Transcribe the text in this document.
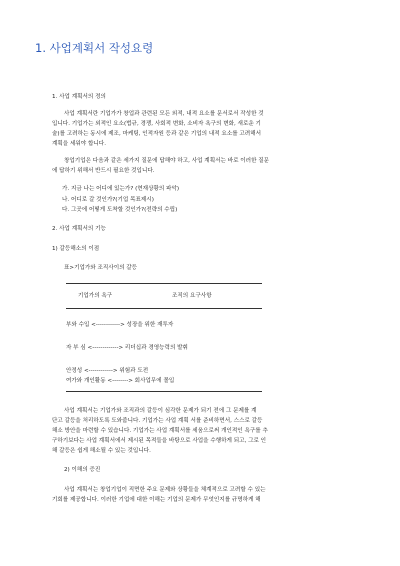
1. 사업계획서 작성요령
1. 사업 계획서의 정의
사업 계획서란 기업가가 창업과 관련된 모든 외적, 내적 요소를 문서로서 작성한 것
입니다. 기업가는 외적인 요소(법규, 경쟁, 사회적 변화, 소비자 욕구의 변화, 새로운 기
술)를 고려하는 동시에 제조, 마케팅, 인적자원 등과 같은 기업의 내적 요소를 고려해서
계획을 세워야 합니다.
창업기업은 다음과 같은 세가지 질문에 답해야 하고, 사업 계획서는 바로 이러한 질문
에 답하기 위해서 반드시 필요한 것입니다.
가. 지금 나는 어디에 있는가? (현재상황의 파악)
나. 어디로 갈 것인가?(기업 목표제시)
다. 그곳에 어떻게 도착할 것인가?(전략의 수립)
2. 사업 계획서의 기능
1) 갈등해소의 이점
표>기업가와 조직사이의 갈등
기업가의 욕구	조직의 요구사항
부와 수입 <------------> 성장을 위한 재투자
자 부 심 <-------------> 리더십과 경영능력의 발휘
안정성 <------------> 위험과 도전
여가와 개인활동 <--------> 회사업무에 몰입
사업 계획서는 기업가와 조직과의 갈등이 심각한 문제가 되기 전에 그 문제를 계
단고 갈등을 처리하도록 도와줍니다. 기업가는 사업 계획 서를 준비하면서, 스스로 갈등
해소 방안을 마련할 수 있습니다. 기업가는 사업 계획서를 세움으로써 개인적인 욕구를 추
구하기보다는 사업 계획서에서 제시된 목적들을 바탕으로 사업을 수행하게 되고, 그로 인
해 갈등은 쉽게 해소될 수 있는 것입니다.
2) 이해의 증진
사업 계획서는 창업기업이 직면한 주요 문제와 상황들을 체계적으로 고려할 수 있는
기회를 제공합니다. 이러한 기업에 대한 이해는 기업의 문제가 무엇인지를 규명하게 해
